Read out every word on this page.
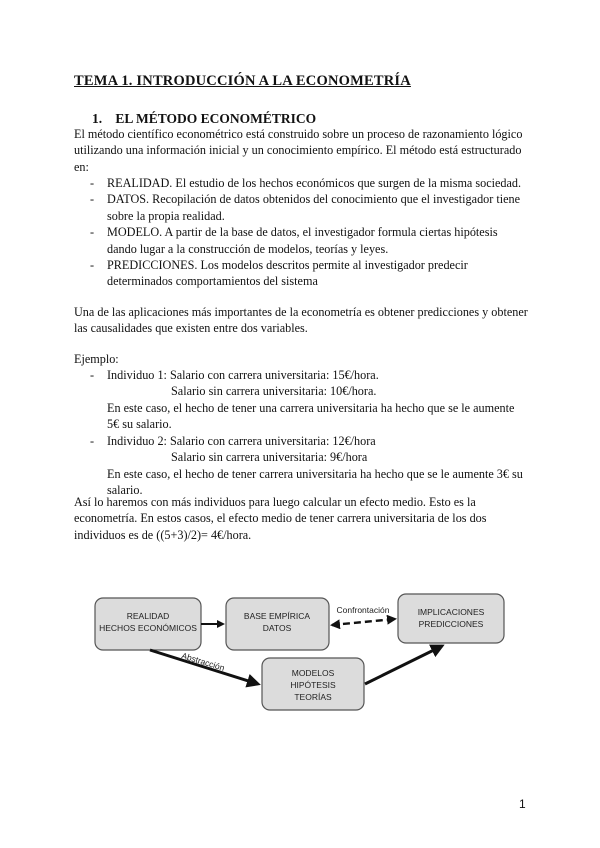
TEMA 1. INTRODUCCIÓN A LA ECONOMETRÍA
1. EL MÉTODO ECONOMÉTRICO
El método científico econométrico está construido sobre un proceso de razonamiento lógico
utilizando una información inicial y un conocimiento empírico. El método está estructurado
en:
- REALIDAD. El estudio de los hechos económicos que surgen de la misma sociedad.
- DATOS. Recopilación de datos obtenidos del conocimiento que el investigador tiene
sobre la propia realidad.
- MODELO. A partir de la base de datos, el investigador formula ciertas hipótesis
dando lugar a la construcción de modelos, teorías y leyes.
- PREDICCIONES. Los modelos descritos permite al investigador predecir
determinados comportamientos del sistema
Una de las aplicaciones más importantes de la econometría es obtener predicciones y obtener
las causalidades que existen entre dos variables.
Ejemplo:
- Individuo 1: Salario con carrera universitaria: 15€/hora.
Salario sin carrera universitaria: 10€/hora.
En este caso, el hecho de tener una carrera universitaria ha hecho que se le aumente
5€ su salario.
- Individuo 2: Salario con carrera universitaria: 12€/hora
Salario sin carrera universitaria: 9€/hora
En este caso, el hecho de tener carrera universitaria ha hecho que se le aumente 3€ su
salario.
Así lo haremos con más individuos para luego calcular un efecto medio. Esto es la
econometría. En estos casos, el efecto medio de tener carrera universitaria de los dos
individuos es de ((5+3)/2)= 4€/hora.
REALIDAD
HECHOS ECONÓMICOS
BASE EMPÍRICA
DATOS
IMPLICACIONES
PREDICCIONES
MODELOS
HIPÓTESIS
TEORÍAS
Confrontación
Abstracción
1
